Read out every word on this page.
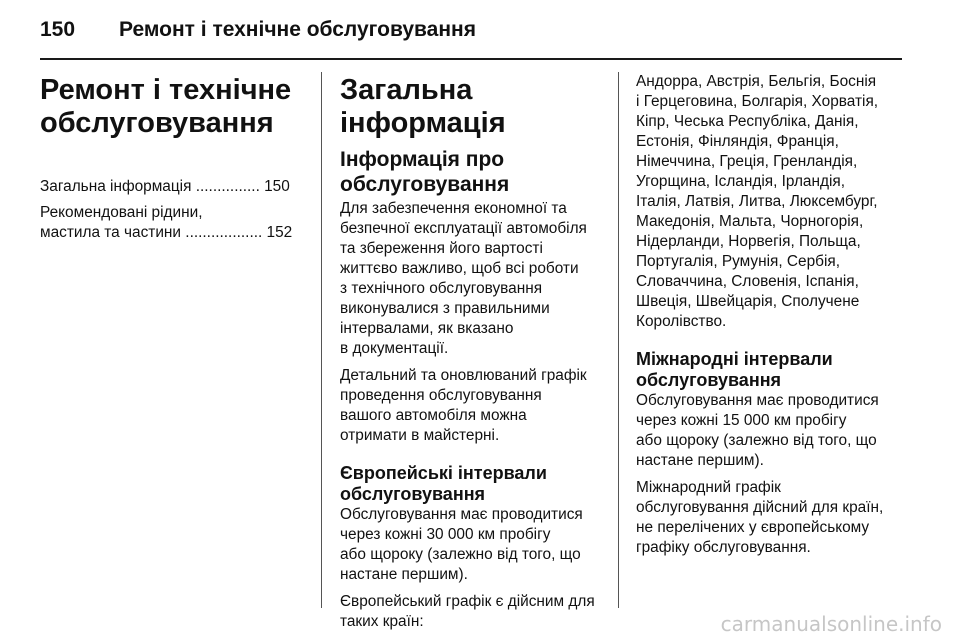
150 Ремонт і технічне обслуговування
Ремонт і технічне
обслуговування
Загальна інформація ............... 150
Рекомендовані рідини,
мастила та частини .................. 152
Загальна інформація
Інформація про
обслуговування
Для забезпечення економної та
безпечної експлуатації автомобіля
та збереження його вартості
життєво важливо, щоб всі роботи
з технічного обслуговування
виконувалися з правильними
інтервалами, як вказано
в документації.
Детальний та оновлюваний графік
проведення обслуговування
вашого автомобіля можна
отримати в майстерні.
Європейські інтервали
обслуговування
Обслуговування має проводитися
через кожні 30 000 км пробігу
або щороку (залежно від того, що
настане першим).
Європейський графік є дійсним для
таких країн:
Андорра, Австрія, Бельгія, Боснія
і Герцеговина, Болгарія, Хорватія,
Кіпр, Чеська Республіка, Данія,
Естонія, Фінляндія, Франція,
Німеччина, Греція, Гренландія,
Угорщина, Ісландія, Ірландія,
Італія, Латвія, Литва, Люксембург,
Македонія, Мальта, Чорногорія,
Нідерланди, Норвегія, Польща,
Португалія, Румунія, Сербія,
Словаччина, Словенія, Іспанія,
Швеція, Швейцарія, Сполучене
Королівство.
Міжнародні інтервали
обслуговування
Обслуговування має проводитися
через кожні 15 000 км пробігу
або щороку (залежно від того, що
настане першим).
Міжнародний графік
обслуговування дійсний для країн,
не перелічених у європейському
графіку обслуговування.
carmanualsonline.info
